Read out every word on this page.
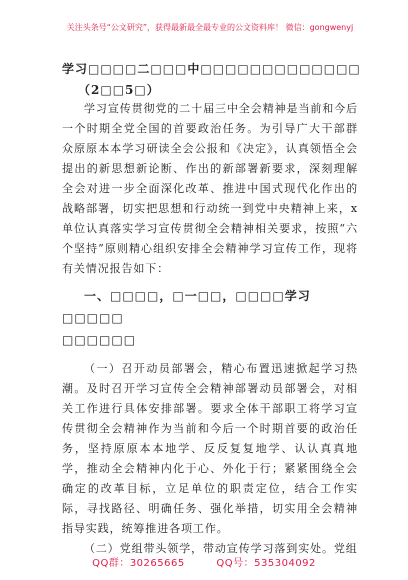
关注头条号“公文研究”，获得最新最全最专业的公文资料库！ 微信：gongwenyj
学习□□□□二□□□中□□□□□□□□□□□□□
（2□□5□）

学习宣传贯彻党的二十届三中全会精神是当前和今后一个时期全党全国的首要政治任务。为引导广大干部群众原原本本学习研读全会公报和《决定》，认真领悟全会提出的新思想新论断、作出的新部署新要求，深刻理解全会对进一步全面深化改革、推进中国式现代化作出的战略部署，切实把思想和行动统一到党中央精神上来，x单位认真落实学习宣传贯彻全会精神相关要求，按照“六个坚持”原则精心组织安排全会精神学习宣传工作，现将有关情况报告如下：

一、□□□□，□一□□，□□□□学习□□□□□
□□□□□□

（一）召开动员部署会，精心布置迅速掀起学习热潮。及时召开学习宣传全会精神部署动员部署会，对相关工作进行具体安排部署。要求全体干部职工将学习宣传贯彻全会精神作为当前和今后一个时期首要的政治任务，坚持原原本本地学、反反复复地学、认认真真地学，推动全会精神内化于心、外化于行；紧紧围绕全会确定的改革目标，立足单位的职责定位，结合工作实际，寻找路径、明确任务、强化举措，切实用全会精神指导实践，统筹推进各项工作。

（二）党组带头领学，带动宣传学习落到实处。党组

QQ群：30265665	QQ号：535304092
